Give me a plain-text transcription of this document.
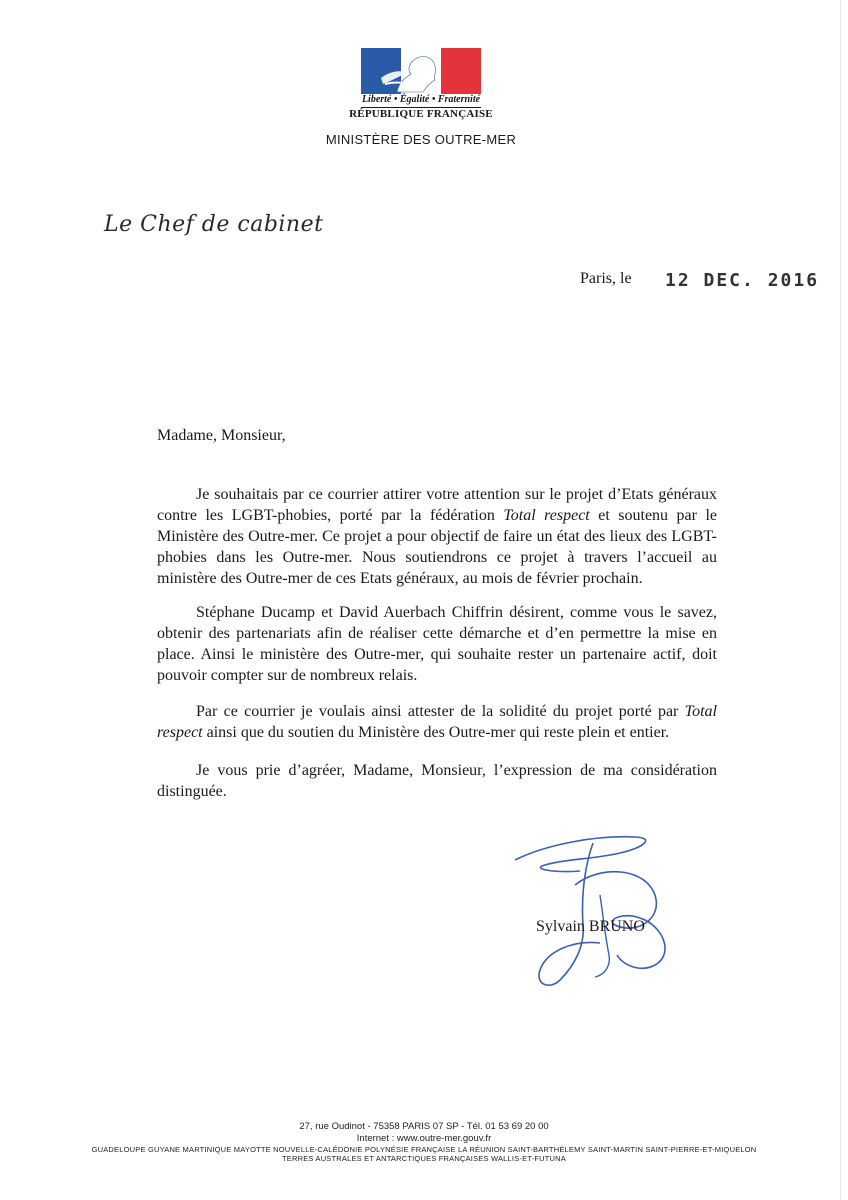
Liberté • Égalité • Fraternité
RÉPUBLIQUE FRANÇAISE
MINISTÈRE DES OUTRE-MER
Le Chef de cabinet
Paris, le 12 DEC. 2016
Madame, Monsieur,
Je souhaitais par ce courrier attirer votre attention sur le projet d’Etats généraux contre les LGBT-phobies, porté par la fédération Total respect et soutenu par le Ministère des Outre-mer. Ce projet a pour objectif de faire un état des lieux des LGBT-phobies dans les Outre-mer. Nous soutiendrons ce projet à travers l’accueil au ministère des Outre-mer de ces Etats généraux, au mois de février prochain.
Stéphane Ducamp et David Auerbach Chiffrin désirent, comme vous le savez, obtenir des partenariats afin de réaliser cette démarche et d’en permettre la mise en place. Ainsi le ministère des Outre-mer, qui souhaite rester un partenaire actif, doit pouvoir compter sur de nombreux relais.
Par ce courrier je voulais ainsi attester de la solidité du projet porté par Total respect ainsi que du soutien du Ministère des Outre-mer qui reste plein et entier.
Je vous prie d’agréer, Madame, Monsieur, l’expression de ma considération distinguée.
Sylvain BRUNO
27, rue Oudinot - 75358 PARIS 07 SP - Tél. 01 53 69 20 00
Internet : www.outre-mer.gouv.fr
GUADELOUPE GUYANE MARTINIQUE MAYOTTE NOUVELLE-CALÉDONIE POLYNÉSIE FRANÇAISE LA RÉUNION SAINT-BARTHÉLEMY SAINT-MARTIN SAINT-PIERRE-ET-MIQUELON
TERRES AUSTRALES ET ANTARCTIQUES FRANÇAISES WALLIS-ET-FUTUNA
